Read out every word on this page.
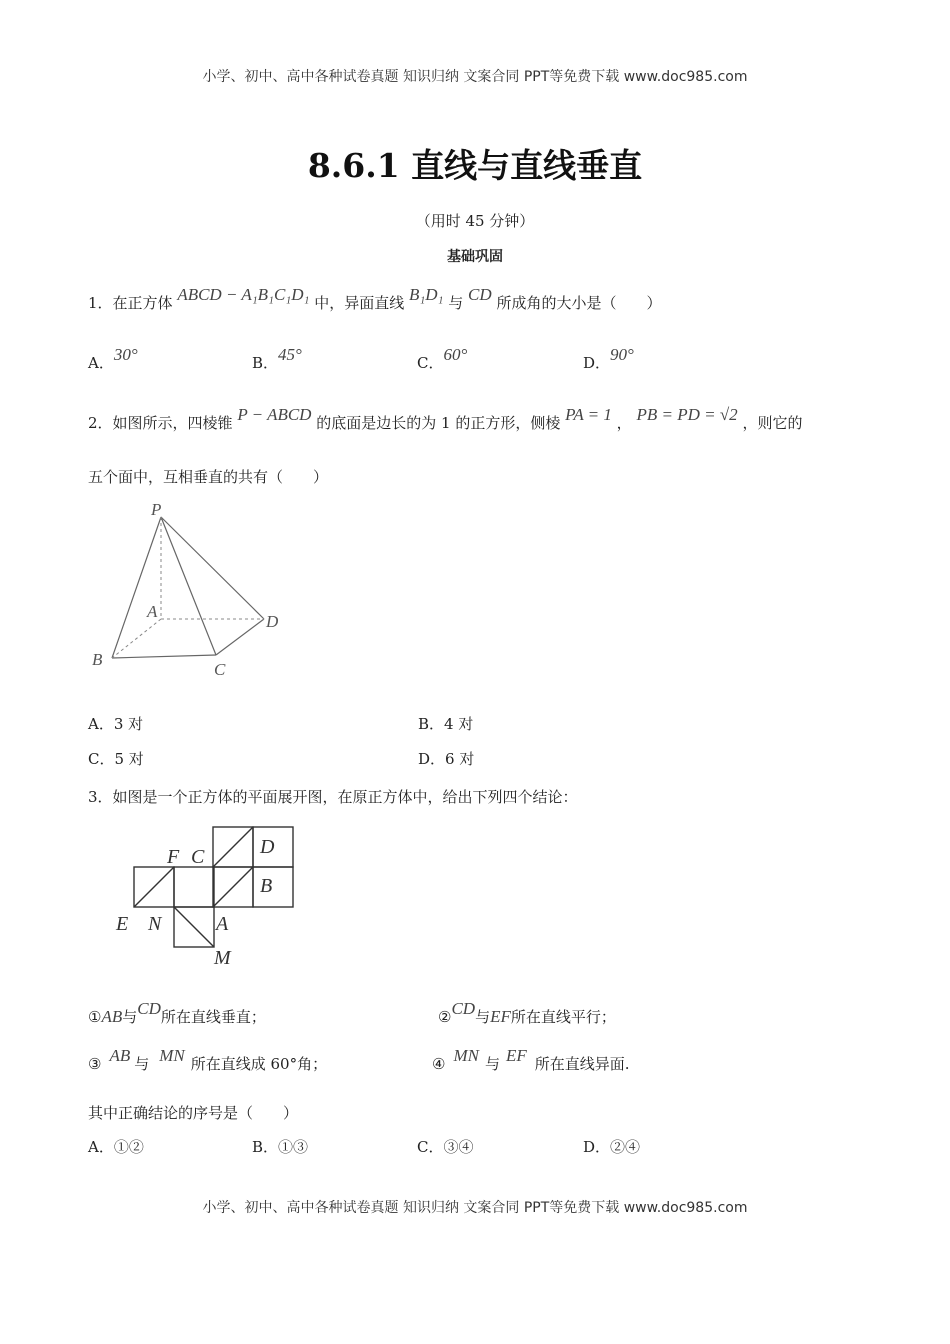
小学、初中、高中各种试卷真题 知识归纳 文案合同 PPT等免费下载 www.doc985.com
8.6.1 直线与直线垂直
（用时 45 分钟）
基础巩固
1．在正方体 ABCD − A₁B₁C₁D₁ 中，异面直线 B₁D₁ 与 CD 所成角的大小是（　　）
A．30°	B．45°	C．60°	D．90°
2．如图所示，四棱锥 P − ABCD 的底面是边长的为 1 的正方形，侧棱 PA = 1 ， PB = PD = √2 ，则它的
五个面中，互相垂直的共有（　　）
P
A
B
C
D
A．3 对	B．4 对
C．5 对	D．6 对
3．如图是一个正方体的平面展开图，在原正方体中，给出下列四个结论：
F C	D
B
E N	A
M
①AB与CD所在直线垂直；	②CD与EF所在直线平行；
③ AB 与 MN 所在直线成 60°角；	④ MN 与 EF 所在直线异面.
其中正确结论的序号是（　　）
A．①②	B．①③	C．③④	D．②④
小学、初中、高中各种试卷真题 知识归纳 文案合同 PPT等免费下载 www.doc985.com
